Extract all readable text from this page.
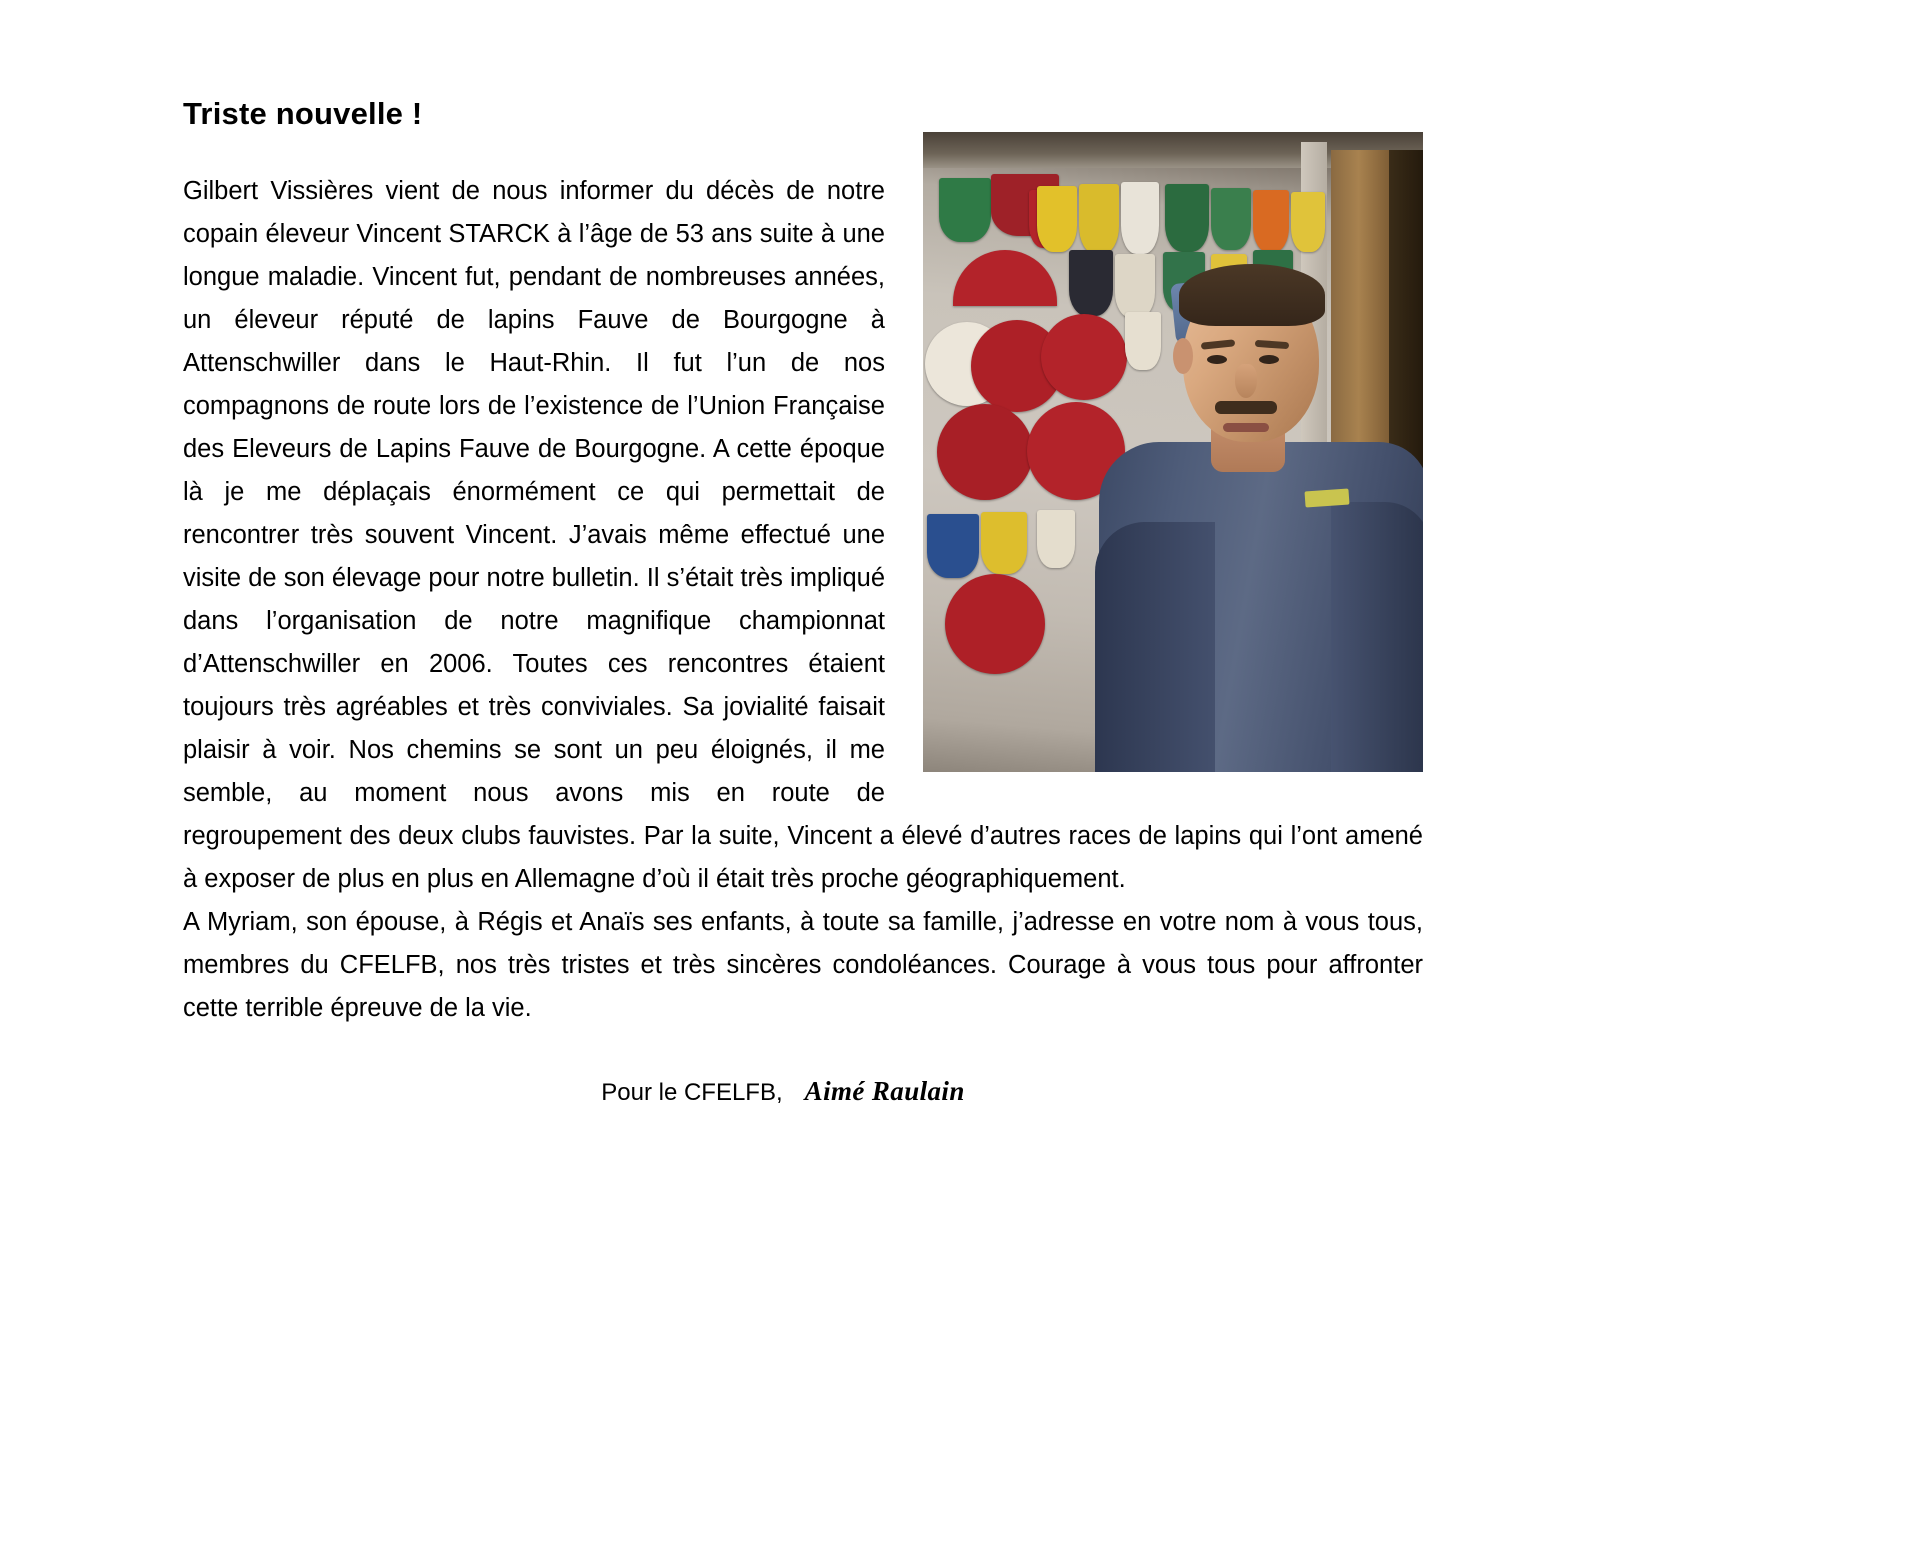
Triste nouvelle !

Gilbert Vissières vient de nous informer du décès de notre copain éleveur Vincent STARCK à l’âge de 53 ans suite à une longue maladie. Vincent fut, pendant de nombreuses années, un éleveur réputé de lapins Fauve de Bourgogne à Attenschwiller dans le Haut-Rhin. Il fut l’un de nos compagnons de route lors de l’existence de l’Union Française des Eleveurs de Lapins Fauve de Bourgogne. A cette époque là je me déplaçais énormément ce qui permettait de rencontrer très souvent Vincent. J’avais même effectué une visite de son élevage pour notre bulletin. Il s’était très impliqué dans l’organisation de notre magnifique championnat d’Attenschwiller en 2006. Toutes ces rencontres étaient toujours très agréables et très conviviales. Sa jovialité faisait plaisir à voir. Nos chemins se sont un peu éloignés, il me semble, au moment nous avons mis en route de regroupement des deux clubs fauvistes. Par la suite, Vincent a élevé d’autres races de lapins qui l’ont amené à exposer de plus en plus en Allemagne d’où il était très proche géographiquement.

A Myriam, son épouse, à Régis et Anaïs ses enfants, à toute sa famille, j’adresse en votre nom à vous tous, membres du CFELFB, nos très tristes et très sincères condoléances. Courage à vous tous pour affronter cette terrible épreuve de la vie.

Pour le CFELFB, Aimé Raulain
